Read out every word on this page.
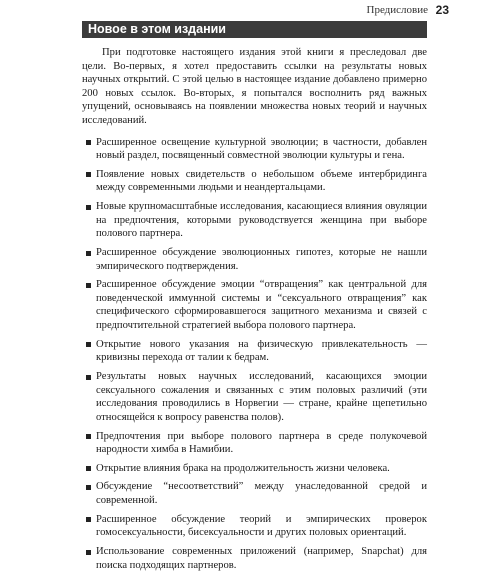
Предисловие 23
Новое в этом издании

При подготовке настоящего издания этой книги я преследовал две цели. Во-первых, я хотел предоставить ссылки на результаты новых научных открытий. С этой целью в настоящее издание добавлено примерно 200 новых ссылок. Во-вторых, я попытался восполнить ряд важных упущений, основываясь на появлении множества новых теорий и научных исследований.

Расширенное освещение культурной эволюции; в частности, добавлен новый раздел, посвященный совместной эволюции культуры и гена.
Появление новых свидетельств о небольшом объеме интербридинга между современными людьми и неандертальцами.
Новые крупномасштабные исследования, касающиеся влияния овуляции на предпочтения, которыми руководствуется женщина при выборе полового партнера.
Расширенное обсуждение эволюционных гипотез, которые не нашли эмпирического подтверждения.
Расширенное обсуждение эмоции “отвращения” как центральной для поведенческой иммунной системы и “сексуального отвращения” как специфического сформировавшегося защитного механизма и связей с предпочтительной стратегией выбора полового партнера.
Открытие нового указания на физическую привлекательность — кривизны перехода от талии к бедрам.
Результаты новых научных исследований, касающихся эмоции сексуального сожаления и связанных с этим половых различий (эти исследования проводились в Норвегии — стране, крайне щепетильно относящейся к вопросу равенства полов).
Предпочтения при выборе полового партнера в среде полукочевой народности химба в Намибии.
Открытие влияния брака на продолжительность жизни человека.
Обсуждение “несоответствий” между унаследованной средой и современной.
Расширенное обсуждение теорий и эмпирических проверок гомосексуальности, бисексуальности и других половых ориентаций.
Использование современных приложений (например, Snapchat) для поиска подходящих партнеров.
